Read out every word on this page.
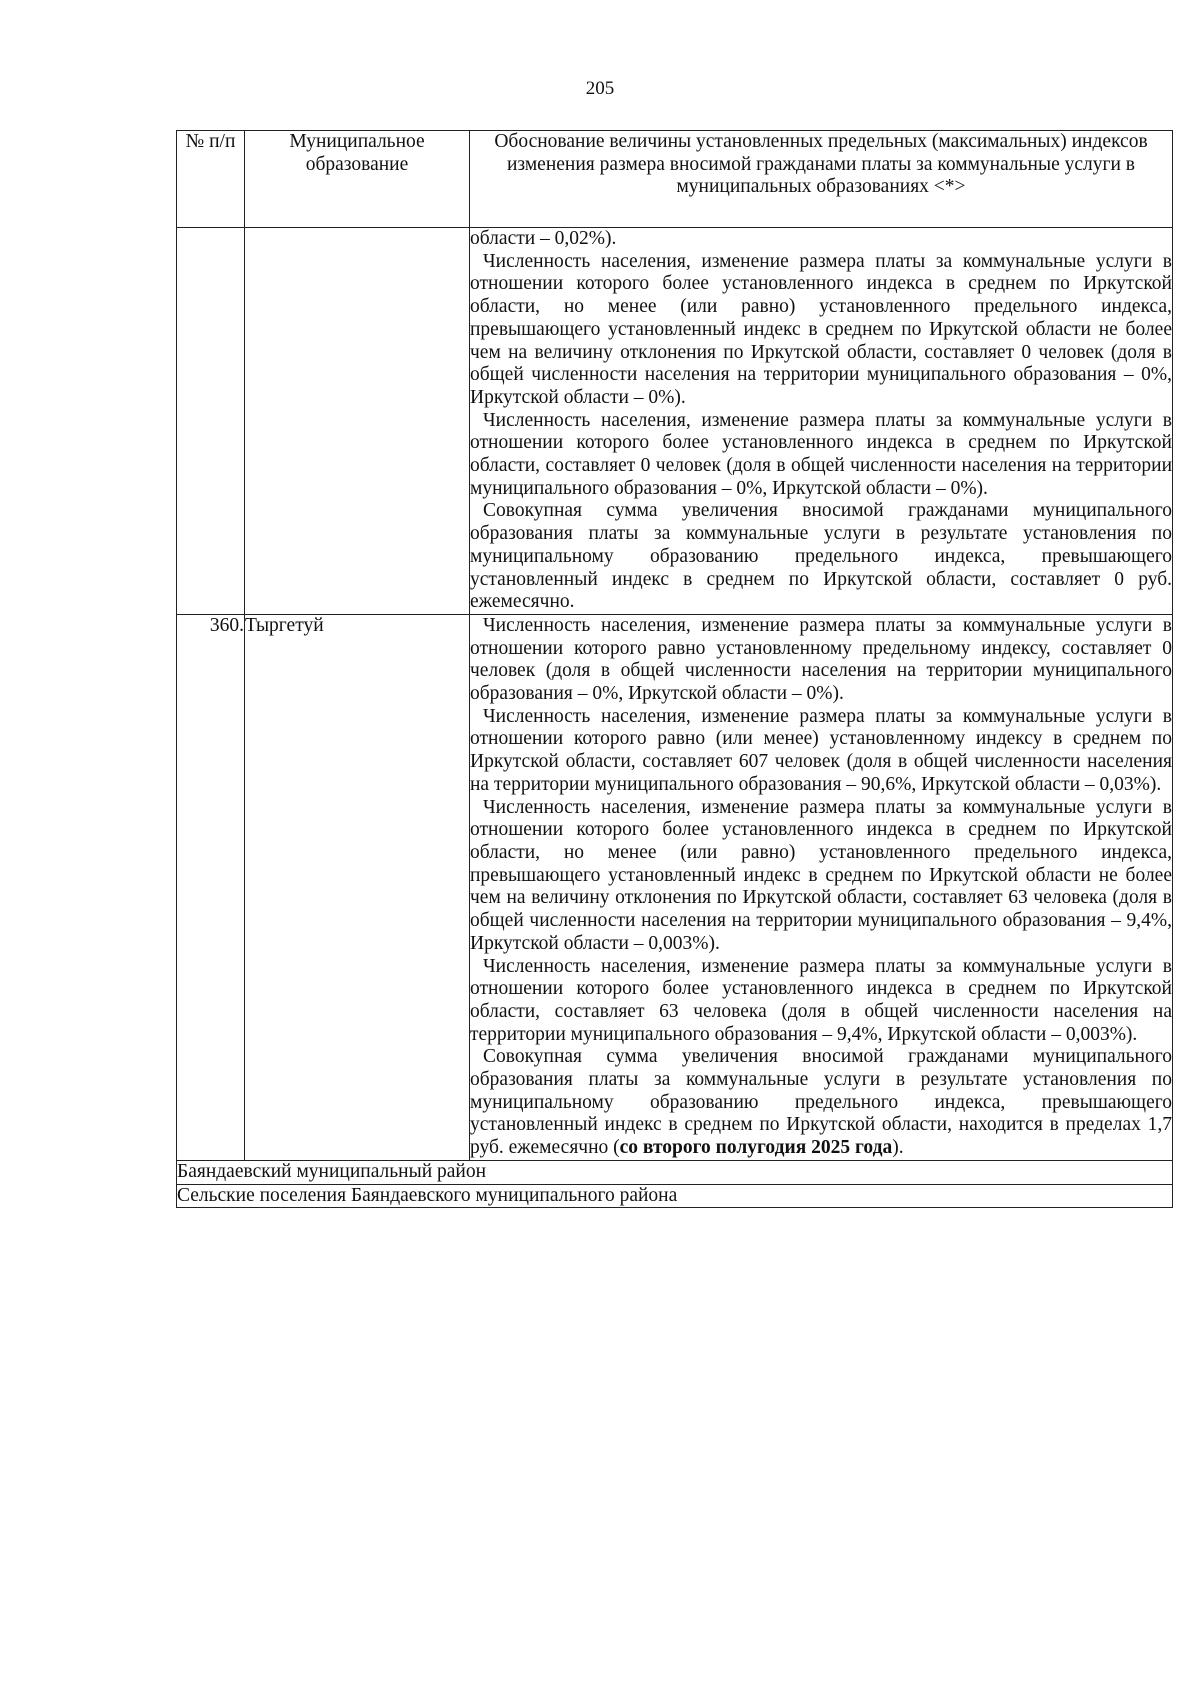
205
№ п/п	Муниципальное образование	Обоснование величины установленных предельных (максимальных) индексов изменения размера вносимой гражданами платы за коммунальные услуги в муниципальных образованиях <*>

		области – 0,02%).

Численность населения, изменение размера платы за коммунальные услуги в отношении которого более установленного индекса в среднем по Иркутской области, но менее (или равно) установленного предельного индекса, превышающего установленный индекс в среднем по Иркутской области не более чем на величину отклонения по Иркутской области, составляет 0 человек (доля в общей численности населения на территории муниципального образования – 0%, Иркутской области – 0%).

Численность населения, изменение размера платы за коммунальные услуги в отношении которого более установленного индекса в среднем по Иркутской области, составляет 0 человек (доля в общей численности населения на территории муниципального образования – 0%, Иркутской области – 0%).

Совокупная сумма увеличения вносимой гражданами муниципального образования платы за коммунальные услуги в результате установления по муниципальному образованию предельного индекса, превышающего установленный индекс в среднем по Иркутской области, составляет 0 руб. ежемесячно.

360.	Тыргетуй	Численность населения, изменение размера платы за коммунальные услуги в отношении которого равно установленному предельному индексу, составляет 0 человек (доля в общей численности населения на территории муниципального образования – 0%, Иркутской области – 0%).

Численность населения, изменение размера платы за коммунальные услуги в отношении которого равно (или менее) установленному индексу в среднем по Иркутской области, составляет 607 человек (доля в общей численности населения на территории муниципального образования – 90,6%, Иркутской области – 0,03%).

Численность населения, изменение размера платы за коммунальные услуги в отношении которого более установленного индекса в среднем по Иркутской области, но менее (или равно) установленного предельного индекса, превышающего установленный индекс в среднем по Иркутской области не более чем на величину отклонения по Иркутской области, составляет 63 человека (доля в общей численности населения на территории муниципального образования – 9,4%, Иркутской области – 0,003%).

Численность населения, изменение размера платы за коммунальные услуги в отношении которого более установленного индекса в среднем по Иркутской области, составляет 63 человека (доля в общей численности населения на территории муниципального образования – 9,4%, Иркутской области – 0,003%).

Совокупная сумма увеличения вносимой гражданами муниципального образования платы за коммунальные услуги в результате установления по муниципальному образованию предельного индекса, превышающего установленный индекс в среднем по Иркутской области, находится в пределах 1,7 руб. ежемесячно (со второго полугодия 2025 года).

Баяндаевский муниципальный район		
Сельские поселения Баяндаевского муниципального района		
